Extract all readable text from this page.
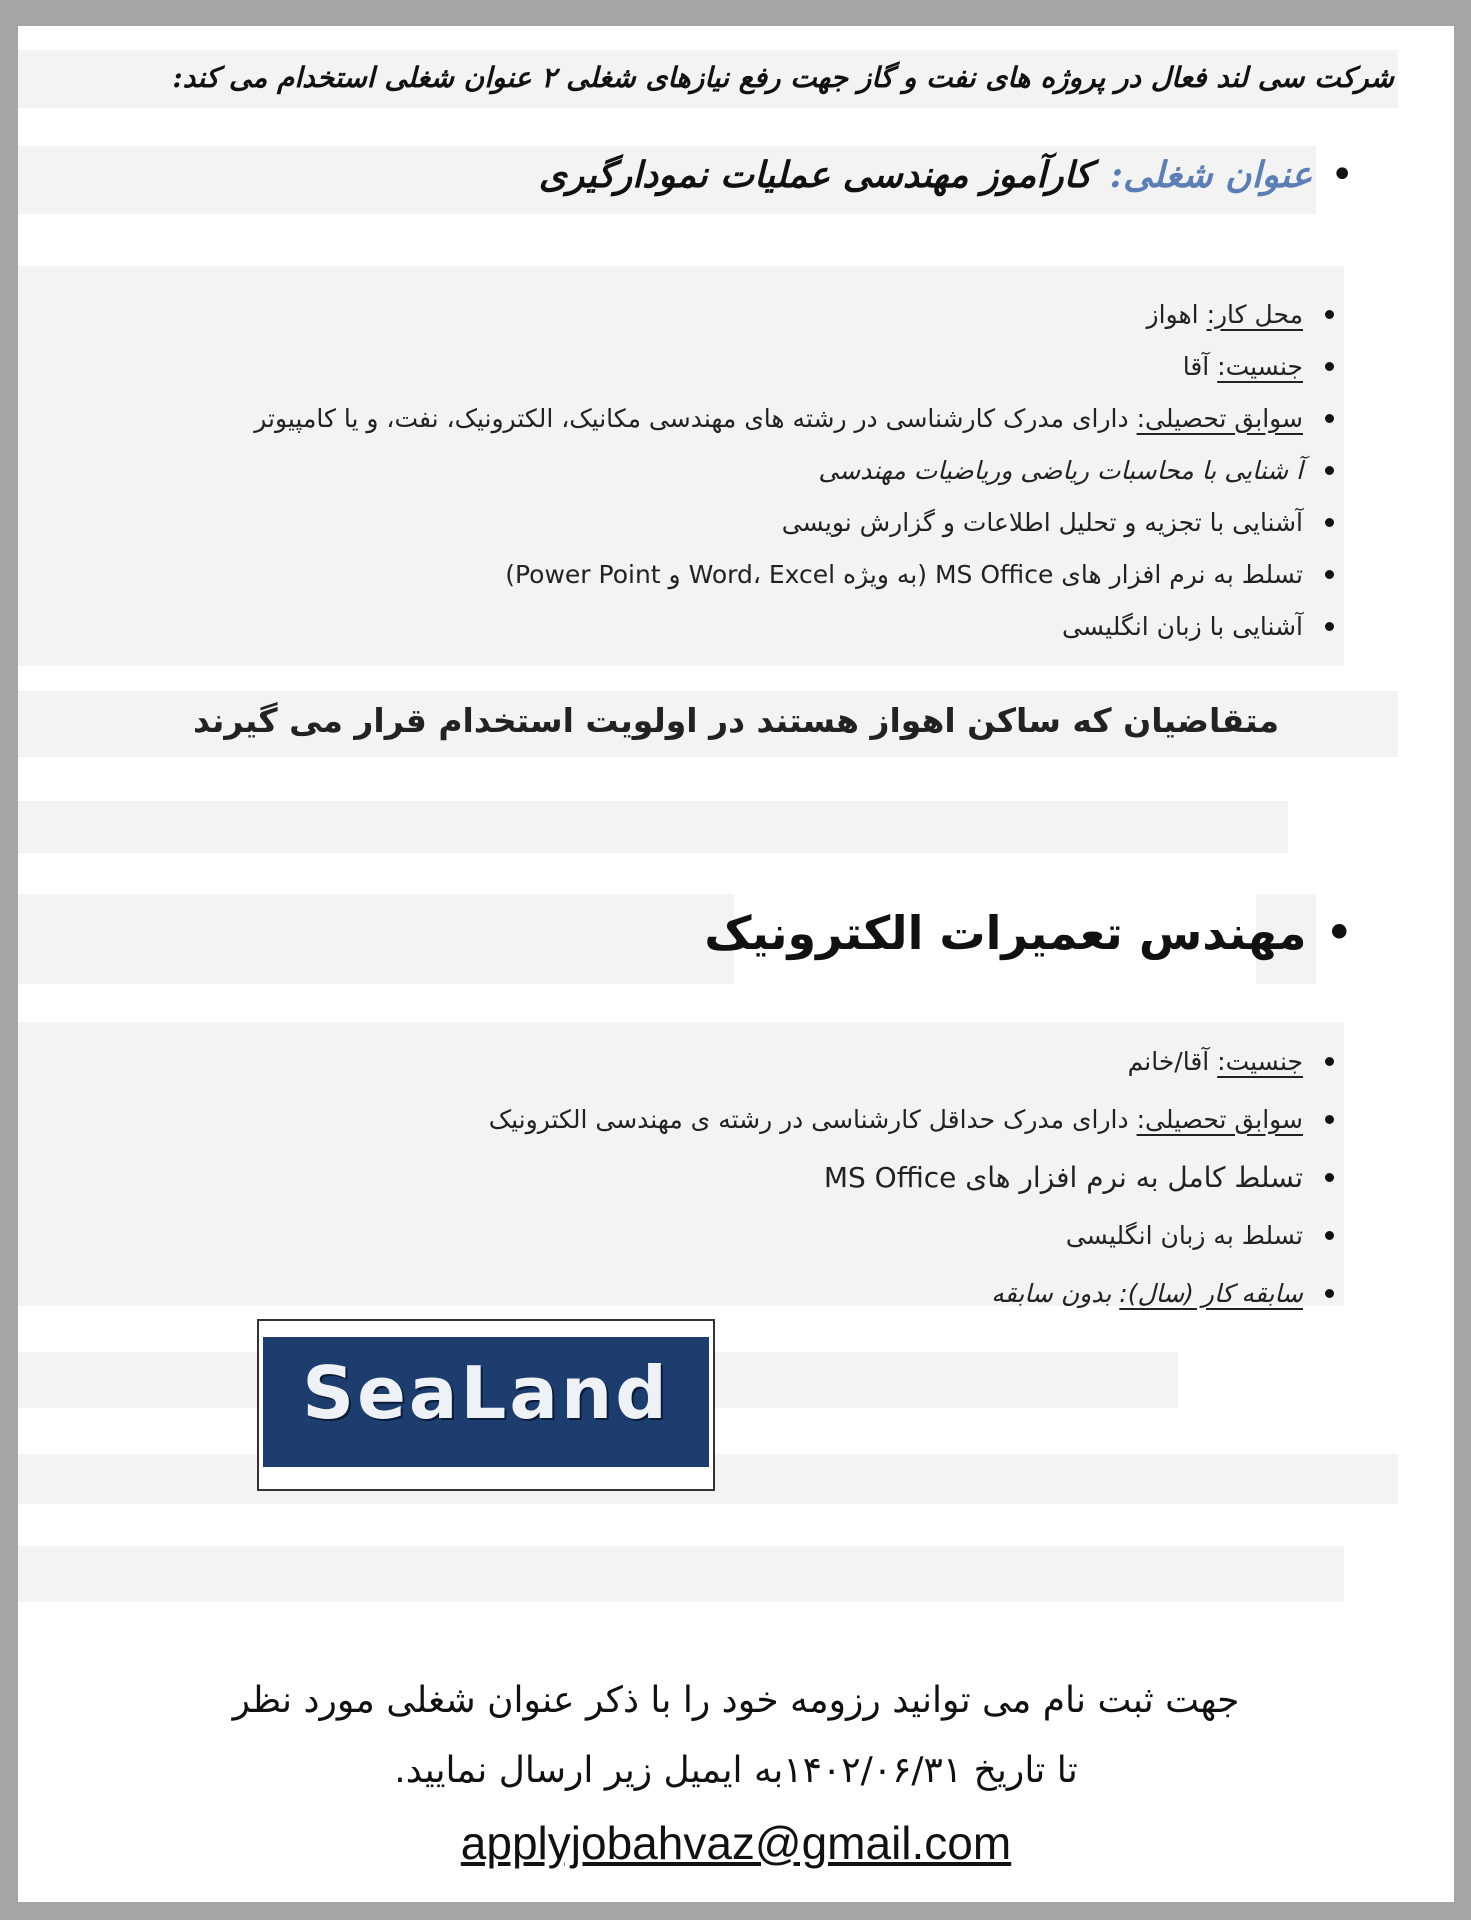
شرکت سی لند فعال در پروژه های نفت و گاز جهت رفع نیازهای شغلی ۲ عنوان شغلی استخدام می کند:
•
عنوان شغلی:
کارآموز مهندسی عملیات نمودارگیری
محل کار: اهواز
جنسیت: آقا
سوابق تحصیلی: دارای مدرک کارشناسی در رشته های مهندسی مکانیک، الکترونیک، نفت، و یا کامپیوتر
آ شنایی با محاسبات ریاضی وریاضیات مهندسی
آشنایی با تجزیه و تحلیل اطلاعات و گزارش نویسی
تسلط به نرم افزار های MS Office (به ویژه Word، Excel و Power Point)
آشنایی با زبان انگلیسی
متقاضیان که ساکن اهواز هستند در اولویت استخدام قرار می گیرند
•
مهندس تعمیرات الکترونیک
جنسیت: آقا/خانم
سوابق تحصیلی: دارای مدرک حداقل کارشناسی در رشته ی مهندسی الکترونیک
تسلط کامل به نرم افزار های MS Office
تسلط به زبان انگلیسی
سابقه کار (سال): بدون سابقه
SeaLand
جهت ثبت نام می توانید رزومه خود را با ذکر عنوان شغلی مورد نظر
تا تاریخ ۱۴۰۲/۰۶/۳۱به ایمیل زیر ارسال نمایید.
applyjobahvaz@gmail.com
